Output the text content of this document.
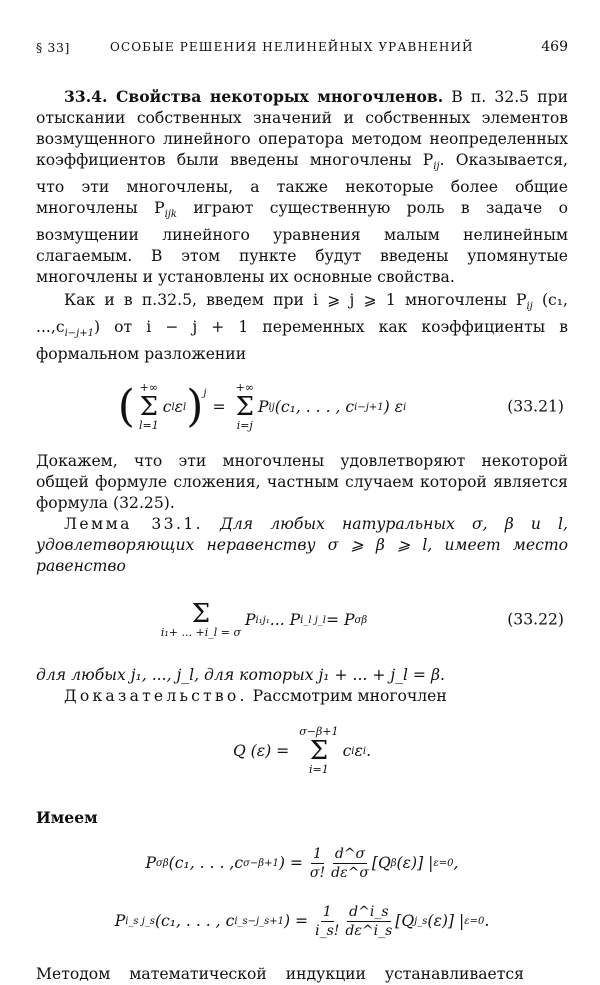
§ 33]	ОСОБЫЕ РЕШЕНИЯ НЕЛИНЕЙНЫХ УРАВНЕНИЙ	469

33.4. Свойства некоторых многочленов. В п. 32.5 при отыскании собственных значений и собственных элементов возмущенного линейного оператора методом неопределенных коэффициентов были введены многочлены $P_{ij}$. Оказывается, что эти многочлены, а также некоторые более общие многочлены $P_{ijk}$ играют существенную роль в задаче о возмущении линейного уравнения малым нелинейным слагаемым. В этом пункте будут введены упомянутые многочлены и установлены их основные свойства.

Как и в п.32.5, введем при i ⩾ j ⩾ 1 многочлены $P_{ij}$ (c₁, $...,c_{i-j+1}$) от i − j + 1 переменных как коэффициенты в формальном разложении

( +∞
Σ
l=1
c l ε l )$^j$
=
+∞
Σ
i=j
P ij (c₁, . . . , c i−j+1 ) ε i	(33.21)

Докажем, что эти многочлены удовлетворяют некоторой общей формуле сложения, частным случаем которой является формула (32.25).

Лемма 33.1. Для любых натуральных σ, β и l, удовлетворяющих неравенству σ ⩾ β ⩾ l, имеет место равенство

Σ
i₁+ ... +i_l = σ
P i₁j₁ ... P i_l j_l = P σβ	(33.22)

для любых j₁, ..., j_l, для которых j₁ + ... + j_l = β.

Доказательство. Рассмотрим многочлен

Q (ε) =
σ−β+1
Σ
i=1
c i ε i .

Имеем

P σβ (c₁, . . . ,c σ−β+1 ) = $\frac{1}{\sigma!} \frac{d\^{}\sigma}{d\varepsilon\^{}\sigma} [Q$ β (ε)] | ε=0 ,
P i_s j_s (c₁, . . . , c i_s−j_s+1 ) = $\frac{1}{i\_s!} \frac{d\^{}i\_s}{d\varepsilon\^{}i\_s} [Q$ j_s (ε)] | ε=0 .

Методом математической индукции устанавливается
